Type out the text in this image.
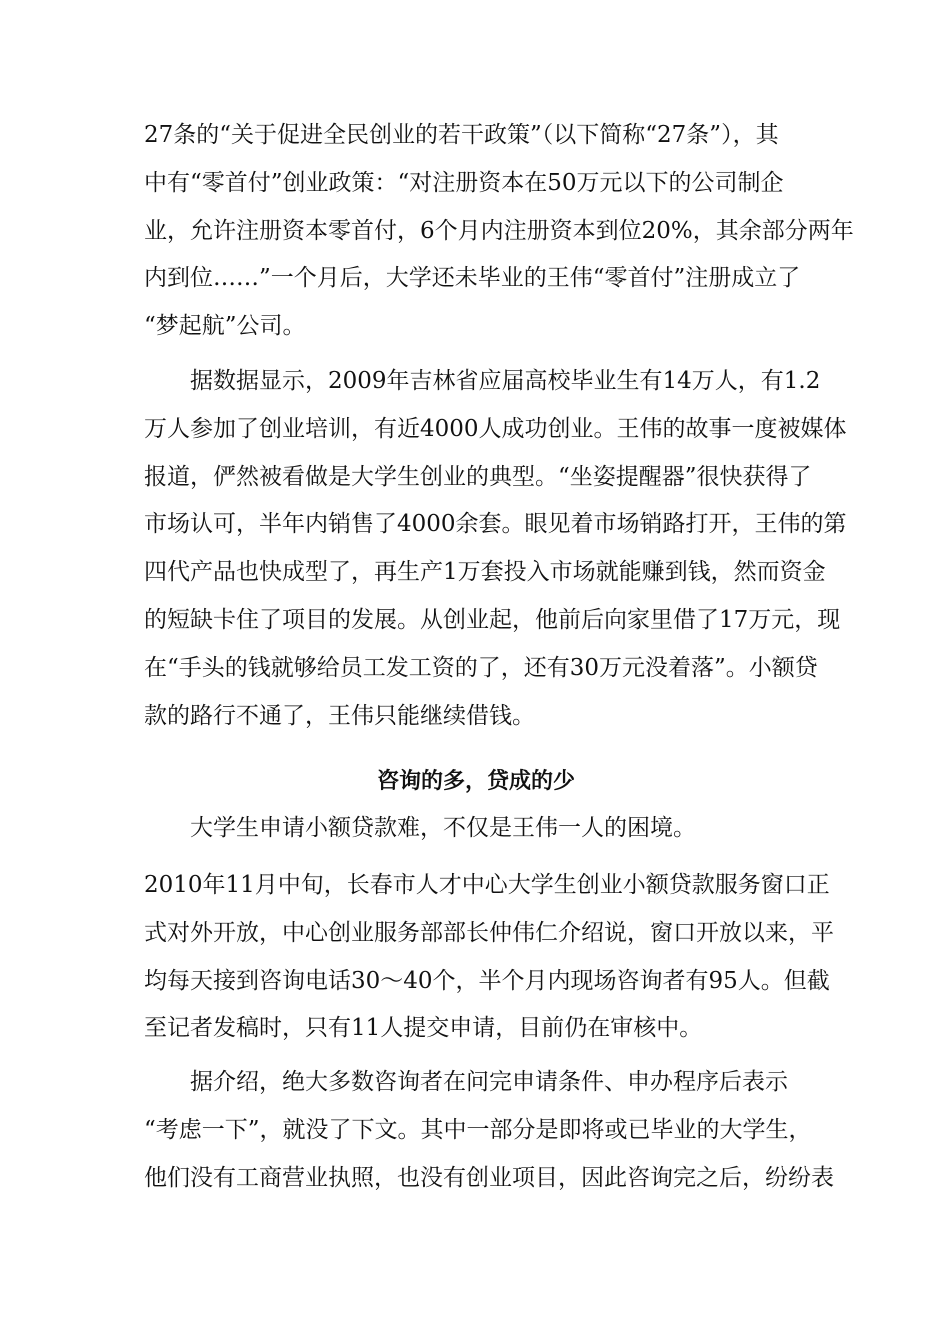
27条的“关于促进全民创业的若干政策”（以下简称“27条”），其
中有“零首付”创业政策：“对注册资本在50万元以下的公司制企
业，允许注册资本零首付，6个月内注册资本到位20%，其余部分两年
内到位……”一个月后，大学还未毕业的王伟“零首付”注册成立了
“梦起航”公司。
据数据显示，2009年吉林省应届高校毕业生有14万人，有1.2
万人参加了创业培训，有近4000人成功创业。王伟的故事一度被媒体
报道，俨然被看做是大学生创业的典型。“坐姿提醒器”很快获得了
市场认可，半年内销售了4000余套。眼见着市场销路打开，王伟的第
四代产品也快成型了，再生产1万套投入市场就能赚到钱，然而资金
的短缺卡住了项目的发展。从创业起，他前后向家里借了17万元，现
在“手头的钱就够给员工发工资的了，还有30万元没着落”。小额贷
款的路行不通了，王伟只能继续借钱。
咨询的多，贷成的少
大学生申请小额贷款难，不仅是王伟一人的困境。
2010年11月中旬，长春市人才中心大学生创业小额贷款服务窗口正
式对外开放，中心创业服务部部长仲伟仁介绍说，窗口开放以来，平
均每天接到咨询电话30～40个，半个月内现场咨询者有95人。但截
至记者发稿时，只有11人提交申请，目前仍在审核中。
据介绍，绝大多数咨询者在问完申请条件、申办程序后表示
“考虑一下”，就没了下文。其中一部分是即将或已毕业的大学生，
他们没有工商营业执照，也没有创业项目，因此咨询完之后，纷纷表
